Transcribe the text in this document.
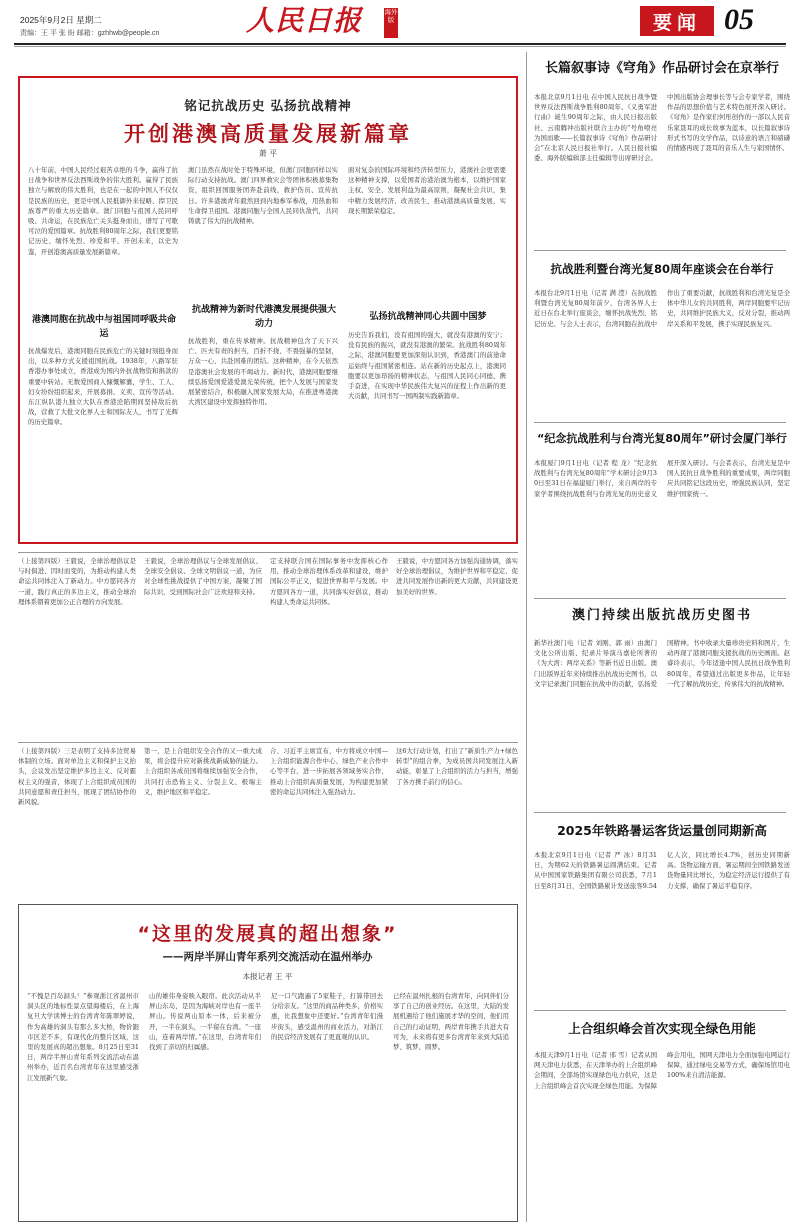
2025年9月2日 星期二
责编：王 平 张 盼 邮箱：gzhhwb@people.cn	人民日报	海外版	要闻 05
铭记抗战历史 弘扬抗战精神
开创港澳高质量发展新篇章
萧 平
八十年前，中国人民经过艰苦卓绝的斗争，赢得了抗日战争和世界反法西斯战争的伟大胜利。赢得了民族独立与解放的伟大胜利，也是在一起的中国人不仅仅是民族的历史，更是中国人民抵御外来侵略、捍卫民族尊严的重大历史篇章。澳门同胞与祖国人民同呼吸、共命运，在民族危亡关头挺身而出，谱写了可歌可泣的爱国篇章。抗战胜利80周年之际，我们更要铭记历史、缅怀先烈、珍爱和平、开创未来，以史为鉴，开创港澳高质量发展新篇章。
港澳同胞在抗战中与祖国同呼吸共命运
抗战爆发后，港澳同胞在民族危亡的关键时刻挺身而出，以多种方式支援祖国抗战。1938年，八路军驻香港办事处成立，香港成为国内外抗战物资和捐款的重要中转站。无数爱国商人慷慨解囊，学生、工人、妇女纷纷组织起来，开展募捐、义卖、宣传等活动。东江纵队港九独立大队在香港沦陷期间坚持敌后抗战，营救了大批文化界人士和国际友人，书写了光辉的历史篇章。
澳门虽然在战时处于特殊环境，但澳门同胞同样以实际行动支持抗战。澳门四界救灾会等团体积极募集物资，组织回国服务团奔赴前线，救护伤员、宣传抗日。许多港澳青年毅然回到内地参军参战，用热血和生命捍卫祖国。港澳同胞与全国人民同仇敌忾，共同铸就了伟大的抗战精神。
抗战精神为新时代港澳发展提供强大动力
抗战胜利，重在传承精神。抗战精神包含了天下兴亡、匹夫有责的担当，百折不挠、不畏强暴的坚韧，万众一心、共赴国难的团结。这种精神，在今天依然是港澳社会发展的不竭动力。新时代，港澳同胞要继续弘扬爱国爱港爱澳光荣传统，把个人发展与国家发展紧密结合，积极融入国家发展大局，在推进粤港澳大湾区建设中发挥独特作用。
面对复杂的国际环境和经济转型压力，港澳社会更需要这种精神支撑，以爱国者治港治澳为根本，以维护国家主权、安全、发展利益为最高原则，凝聚社会共识，集中精力发展经济、改善民生，推动港澳高质量发展，实现长期繁荣稳定。
弘扬抗战精神同心共圆中国梦
历史告诉我们，没有祖国的强大，就没有港澳的安宁；没有民族的振兴，就没有港澳的繁荣。抗战胜利80周年之际，港澳同胞要更加深刻认识到，香港澳门的前途命运始终与祖国紧密相连。站在新的历史起点上，港澳同胞要以更加昂扬的精神状态，与祖国人民同心同德、携手奋进，在实现中华民族伟大复兴的征程上作出新的更大贡献，共同书写一国两制实践新篇章。
长篇叙事诗《穹角》作品研讨会在京举行
本报北京9月1日电 在中国人民抗日战争暨世界反法西斯战争胜利80周年、《义勇军进行曲》诞生90周年之际，由人民日报出版社、云南腾冲出版社联合主办的“号角嘹亮 为国而歌——长篇叙事诗《穹角》作品研讨会”在北京人民日报社举行。人民日报社编委、海外版编辑部主任编辑等出席研讨会。中国出版协会理事长等与会专家学者，围绕作品的思想价值与艺术特色展开深入研讨。《穹角》是作家们何彤创作的一部以人民音乐家聂耳的成长故事为蓝本，以长篇叙事诗形式书写的文学作品，以诗意的语言和磅礴的情感再现了聂耳的音乐人生与家国情怀。
抗战胜利暨台湾光复80周年座谈会在台举行
本报台北9月1日电（记者 满 滢）在抗战胜利暨台湾光复80周年前夕，台湾各界人士近日在台北举行座谈会，缅怀抗战先烈，铭记历史。与会人士表示，台湾同胞在抗战中作出了重要贡献，抗战胜利和台湾光复是全体中华儿女的共同胜利，两岸同胞要牢记历史，共同维护民族大义，反对分裂，推动两岸关系和平发展，携手实现民族复兴。
“纪念抗战胜利与台湾光复80周年”研讨会厦门举行
本报厦门9月1日电（记者 程 龙）“纪念抗战胜利与台湾光复80周年”学术研讨会9月30日至31日在福建厦门举行，来自两岸的专家学者围绕抗战胜利与台湾光复的历史意义展开深入研讨。与会者表示，台湾光复是中国人民抗日战争胜利的重要成果，两岸同胞应共同铭记这段历史，增强民族认同，坚定维护国家统一。
澳门持续出版抗战历史图书
新华社澳门电（记者 刘刚、郭 雨）由澳门文化公所出版、纪录片导演马嘉伦所著的《为大湾：两岸关系》等新书近日出版。澳门出版界近年来持续推出抗战历史图书，以文字记录澳门同胞在抗战中的贡献，弘扬爱国精神。书中收录大量珍贵史料和图片，生动再现了港澳同胞支援抗战的历史画面。赵睿玲表示，今年适逢中国人民抗日战争胜利80周年，希望通过出版更多作品，让年轻一代了解抗战历史，传承伟大的抗战精神。
2025年铁路暑运客货运量创同期新高
本报北京9月1日电（记者 严 冰）8月31日，为期62天的铁路暑运圆满结束。记者从中国国家铁路集团有限公司获悉，7月1日至8月31日，全国铁路累计发送旅客9.54亿人次，同比增长4.7%，创历史同期新高。货物运输方面，暑运期间全国铁路发送货物量同比增长，为稳定经济运行提供了有力支撑，确保了暑运平稳有序。
上合组织峰会首次实现全绿色用能
本报天津9月1日电（记者 邢 雪）记者从国网天津电力获悉，在天津举办的上合组织峰会期间，全部场馆实现绿色电力供应，这是上合组织峰会首次实现全绿色用能。为保障峰会用电，国网天津电力全面加强电网运行保障，通过绿电交易等方式，确保场馆用电100%来自清洁能源。
（上接第四版）王毅说，全球治理倡议是与时俱进、因时而变的，为推动构建人类命运共同体注入了新动力。中方愿同各方一道，践行真正的多边主义，推动全球治理体系朝着更加公正合理的方向发展。
王毅说，全球治理倡议与全球发展倡议、全球安全倡议、全球文明倡议一道，为应对全球性挑战提供了中国方案，凝聚了国际共识，受到国际社会广泛欢迎和支持。
定支持联合国在国际事务中发挥核心作用，推动全球治理体系改革和建设，维护国际公平正义，促进世界和平与发展。中方愿同各方一道，共同落实好倡议，推动构建人类命运共同体。
王毅说，中方愿同各方加强沟通协调，落实好全球治理倡议，为维护世界和平稳定、促进共同发展作出新的更大贡献，共同建设更加美好的世界。
（上接第四版）三是表明了支持多边贸易体制的立场。面对单边主义和保护主义抬头，会议发出坚定维护多边主义、反对霸权主义的强音，体现了上合组织成员国的共同意愿和责任担当，展现了团结协作的新风貌。
第一，是上合组织安全合作的又一重大成果，将会提升应对新挑战新威胁的能力。上合组织各成员国将继续加强安全合作，共同打击恐怖主义、分裂主义、极端主义，维护地区和平稳定。
合、习近平主席宣布，中方将成立中国—上合组织能源合作中心、绿色产业合作中心等平台，进一步拓展各领域务实合作，推动上合组织高质量发展，为构建更加紧密的命运共同体注入强劲动力。
这6大行动计划，打出了“新质生产力+绿色转型”的组合拳，为成员国共同发展注入新动能，彰显了上合组织的活力与担当，增强了各方携手前行的信心。
“这里的发展真的超出想象”
——两岸半屏山青年系列交流活动在温州举办
本报记者 王 平
“不愧是百岛洞头！”参观浙江省温州市洞头区的地标性景点望海楼后，在上海复旦大学读博士的台湾青年陈翠婷说，作为高雄的洞头有那么多大桥，物价跟市区差不多，有现代化的整片区域，这里的发展真的超出想象。8月25日至31日，两岸半屏山青年系列交流活动在温州举办，近百名台湾青年在这里感受浙江发展新气象。
山的雄伟身姿映入眼帘。此次活动从半屏山东岛，是因为海峡对岸也有一座半屏山。传说两山原本一体，后来被分开，一半在洞头，一半留在台湾。“一座山，连着两岸情。”在这里，台湾青年们找到了亲切的归属感。
尼一口气跑遍了5家鞋子，打算带回去分给亲友。“这里的商品种类多、价格实惠，比我想象中还要好。”台湾青年们漫步街头，感受温州的商业活力，对浙江的民营经济发展有了更直观的认识。
已经在温州扎根的台湾青年，向同伴们分享了自己的创业经历。在这里，大陆的发展机遇给了他们施展才华的空间，他们用自己的行动证明，两岸青年携手共进大有可为，未来将有更多台湾青年来到大陆追梦、筑梦、圆梦。
